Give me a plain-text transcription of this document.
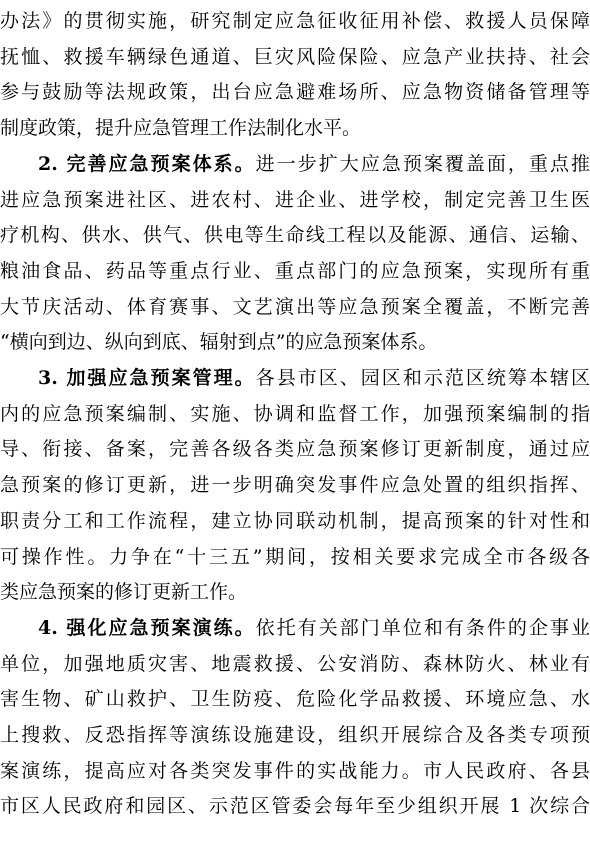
办法》的贯彻实施，研究制定应急征收征用补偿、救援人员保障
抚恤、救援车辆绿色通道、巨灾风险保险、应急产业扶持、社会
参与鼓励等法规政策，出台应急避难场所、应急物资储备管理等
制度政策，提升应急管理工作法制化水平。
2. 完善应急预案体系。进一步扩大应急预案覆盖面，重点推
进应急预案进社区、进农村、进企业、进学校，制定完善卫生医
疗机构、供水、供气、供电等生命线工程以及能源、通信、运输、
粮油食品、药品等重点行业、重点部门的应急预案，实现所有重
大节庆活动、体育赛事、文艺演出等应急预案全覆盖，不断完善
“横向到边、纵向到底、辐射到点”的应急预案体系。
3. 加强应急预案管理。各县市区、园区和示范区统筹本辖区
内的应急预案编制、实施、协调和监督工作，加强预案编制的指
导、衔接、备案，完善各级各类应急预案修订更新制度，通过应
急预案的修订更新，进一步明确突发事件应急处置的组织指挥、
职责分工和工作流程，建立协同联动机制，提高预案的针对性和
可操作性。力争在“十三五”期间，按相关要求完成全市各级各
类应急预案的修订更新工作。
4. 强化应急预案演练。依托有关部门单位和有条件的企事业
单位，加强地质灾害、地震救援、公安消防、森林防火、林业有
害生物、矿山救护、卫生防疫、危险化学品救援、环境应急、水
上搜救、反恐指挥等演练设施建设，组织开展综合及各类专项预
案演练，提高应对各类突发事件的实战能力。市人民政府、各县
市区人民政府和园区、示范区管委会每年至少组织开展 1 次综合
